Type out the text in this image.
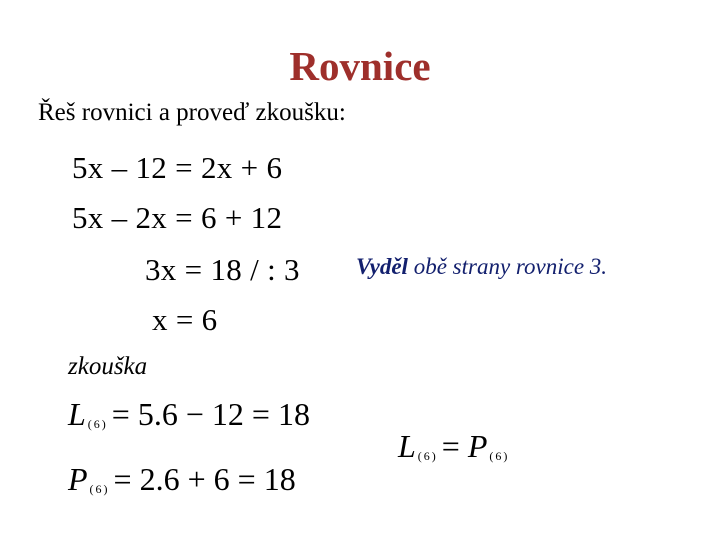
Rovnice
Řeš rovnici a proveď zkoušku:
5x – 12 = 2x + 6
5x – 2x = 6 + 12
3x = 18 / : 3
x = 6
Vyděl obě strany rovnice 3.
zkouška
L (6) = 5.6 − 12 = 18
P (6) = 2.6 + 6 = 18
L (6) = P (6)
